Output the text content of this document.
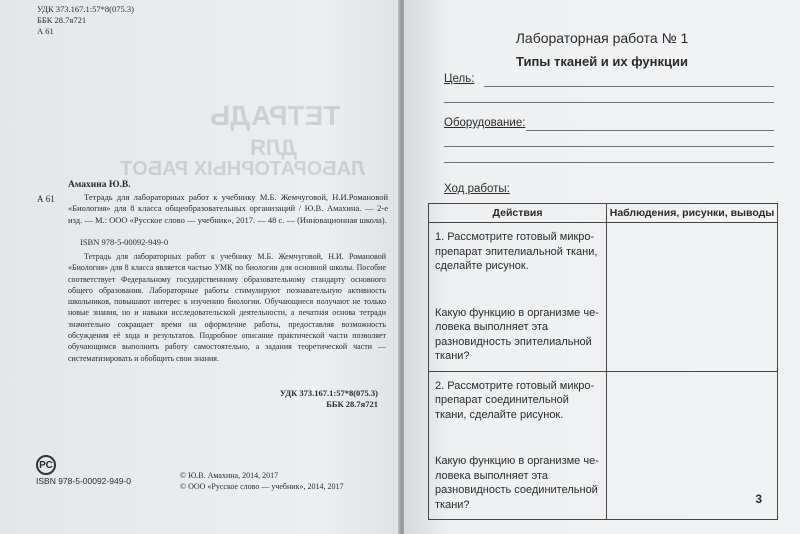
ТЕТРАДЬ
ДЛЯ
ЛАБОРАТОРНЫХ РАБОТ
УДК 373.167.1:57*8(075.3)
ББК 28.7я721
А 61
А 61
Амахина Ю.В.
Тетрадь для лабораторных работ к учебнику М.Б. Жемчуговой, Н.И.Романовой «Биология» для 8 класса общеобразовательных организаций / Ю.В. Амахина. — 2-е изд. — М.: ООО «Русское слово — учебник», 2017. — 48 с. — (Инновационная школа).
ISBN 978-5-00092-949-0
Тетрадь для лабораторных работ к учебнику М.Б. Жемчуговой, Н.И. Романовой «Биология» для 8 класса является частью УМК по биологии для основной школы. Пособие соответствует Федеральному государственному образовательному стандарту основного общего образования. Лабораторные работы стимулируют познавательную активность школьников, повышают интерес к изучению биологии. Обучающиеся получают не только новые знания, но и навыки исследовательской деятельности, а печатная основа тетради значительно сокращает время на оформление работы, предоставляя возможность обсуждения её хода и результатов. Подробное описание практической части позволяет обучающимся выполнить работу самостоятельно, а задания теоретической части — систематизировать и обобщить свои знания.
УДК 373.167.1:57*8(075.3)
ББК 28.7я721
РС
ISBN 978-5-00092-949-0
© Ю.В. Амахина, 2014, 2017
© ООО «Русское слово — учебник», 2014, 2017
Лабораторная работа № 1
Типы тканей и их функции
Цель:
Оборудование:
Ход работы:
Действия	Наблюдения, рисунки, выводы

1. Рассмотрите готовый микропрепарат эпителиальной ткани, сделайте рисунок.

Какую функцию в организме человека выполняет эта разновидность эпителиальной ткани?	

2. Рассмотрите готовый микропрепарат соединительной ткани, сделайте рисунок.

Какую функцию в организме человека выполняет эта разновидность соединительной ткани?	

		3
